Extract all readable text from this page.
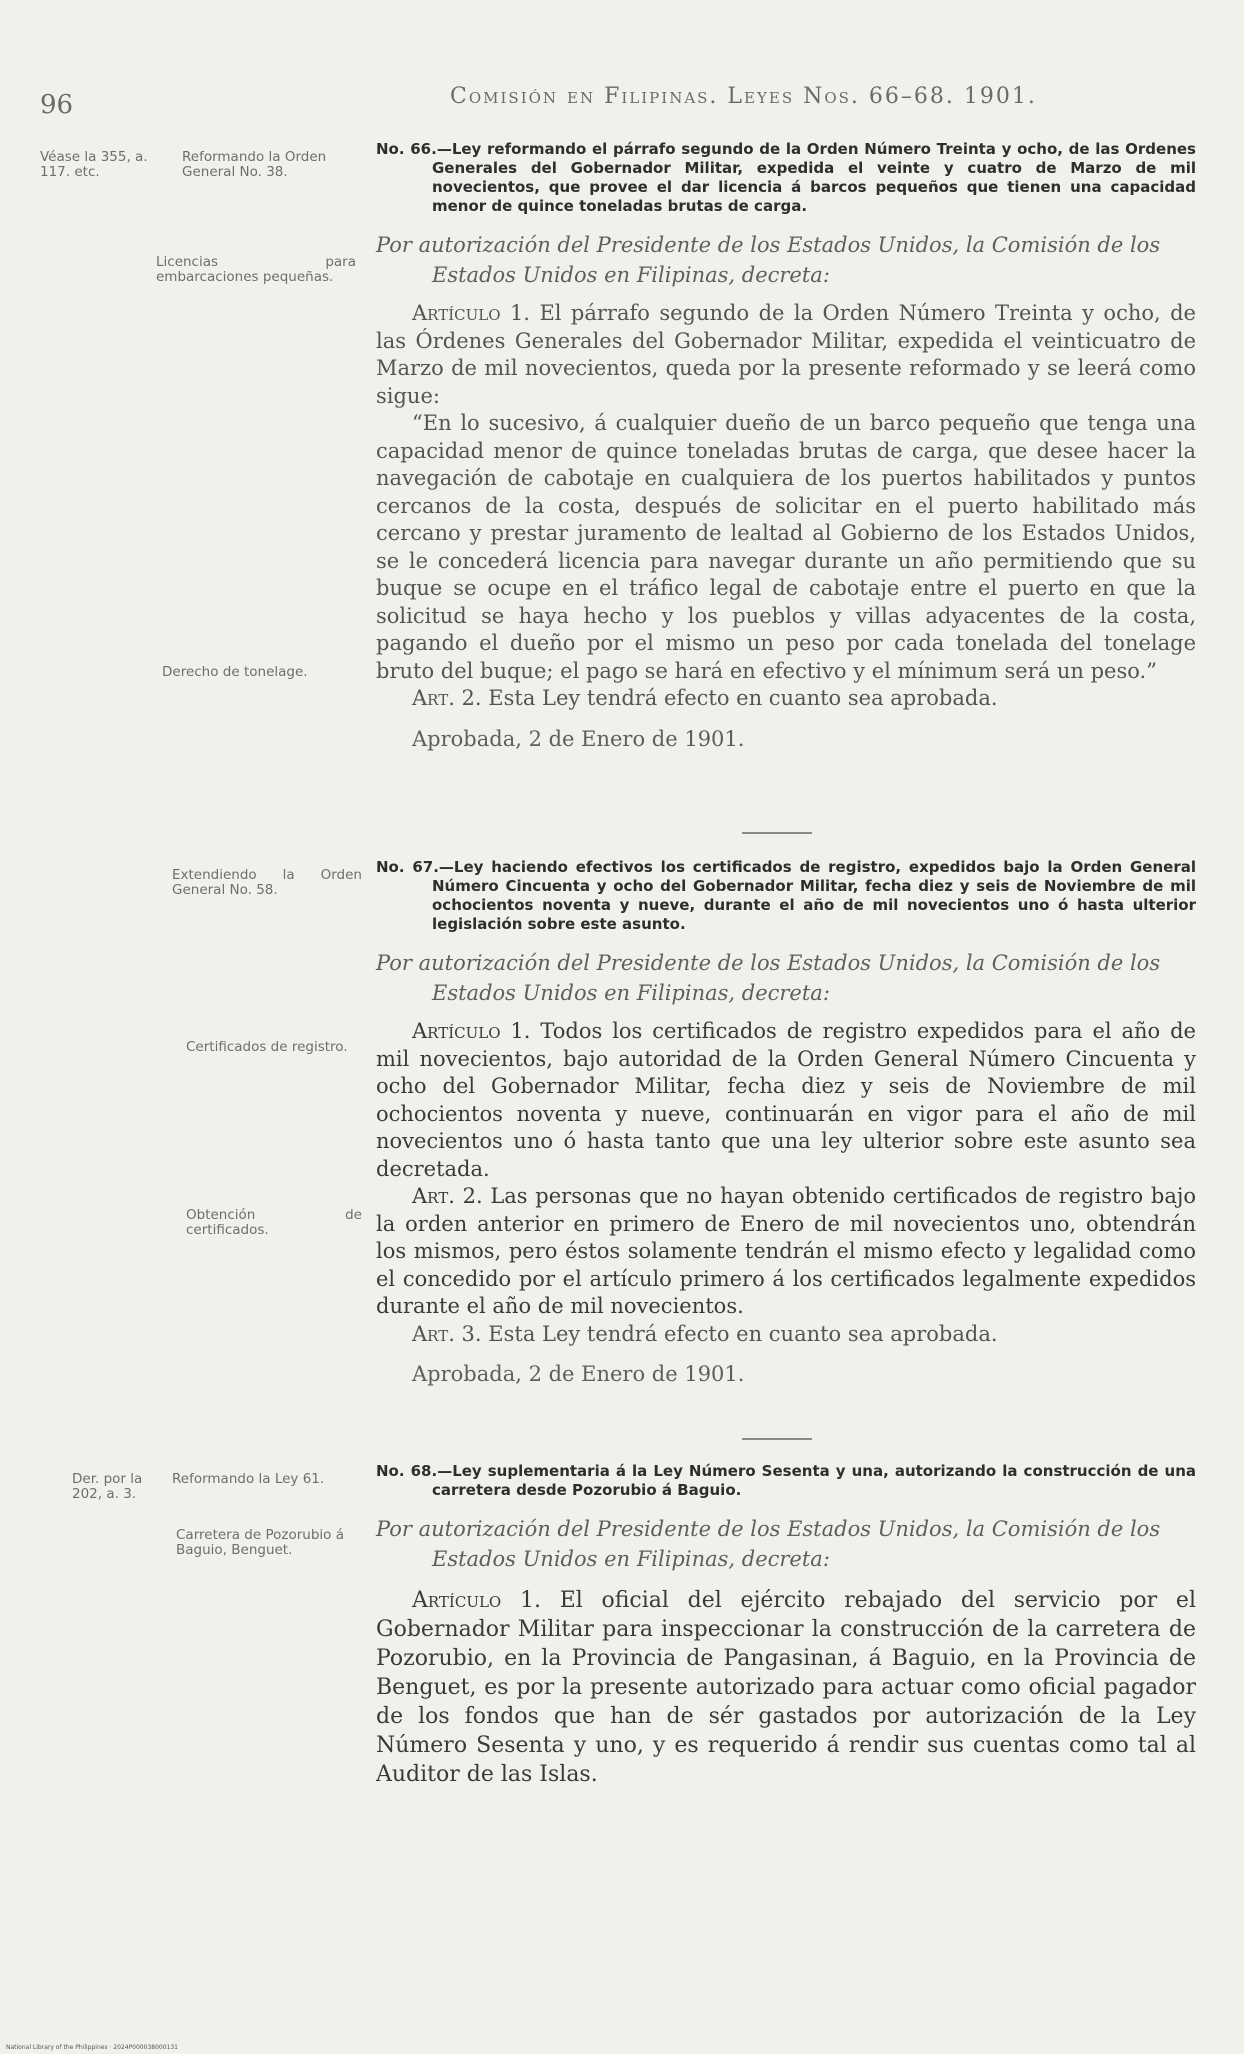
96	Comisión en Filipinas. Leyes Nos. 66–68. 1901.
Véase la 355, a. 117. etc.
Reformando la Orden General No. 38.
Licencias para embarcaciones pequeñas.
Derecho de tonelage.
Extendiendo la Orden General No. 58.
Certificados de registro.
Obtención de certificados.
Der. por la 202, a. 3.
Reformando la Ley 61.
Carretera de Pozorubio á Baguio, Benguet.
No. 66.—Ley reformando el párrafo segundo de la Orden Número Treinta y ocho, de las Ordenes Generales del Gobernador Militar, expedida el veinte y cuatro de Marzo de mil novecientos, que provee el dar licencia á barcos pequeños que tienen una capacidad menor de quince toneladas brutas de carga.
Por autorización del Presidente de los Estados Unidos, la Comisión de los Estados Unidos en Filipinas, decreta:

Artículo 1. El párrafo segundo de la Orden Número Treinta y ocho, de las Órdenes Generales del Gobernador Militar, expedida el veinticuatro de Marzo de mil novecientos, queda por la presente reformado y se leerá como sigue:

“En lo sucesivo, á cualquier dueño de un barco pequeño que tenga una capacidad menor de quince toneladas brutas de carga, que desee hacer la navegación de cabotaje en cualquiera de los puertos habilitados y puntos cercanos de la costa, después de solicitar en el puerto habilitado más cercano y prestar juramento de lealtad al Gobierno de los Estados Unidos, se le concederá licencia para navegar durante un año permitiendo que su buque se ocupe en el tráfico legal de cabotaje entre el puerto en que la solicitud se haya hecho y los pueblos y villas adyacentes de la costa, pagando el dueño por el mismo un peso por cada tonelada del tonelage bruto del buque; el pago se hará en efectivo y el mínimum será un peso.”

Art. 2. Esta Ley tendrá efecto en cuanto sea aprobada.

Aprobada, 2 de Enero de 1901.
No. 67.—Ley haciendo efectivos los certificados de registro, expedidos bajo la Orden General Número Cincuenta y ocho del Gobernador Militar, fecha diez y seis de Noviembre de mil ochocientos noventa y nueve, durante el año de mil novecientos uno ó hasta ulterior legislación sobre este asunto.
Por autorización del Presidente de los Estados Unidos, la Comisión de los Estados Unidos en Filipinas, decreta:

Artículo 1. Todos los certificados de registro expedidos para el año de mil novecientos, bajo autoridad de la Orden General Número Cincuenta y ocho del Gobernador Militar, fecha diez y seis de Noviembre de mil ochocientos noventa y nueve, continuarán en vigor para el año de mil novecientos uno ó hasta tanto que una ley ulterior sobre este asunto sea decretada.

Art. 2. Las personas que no hayan obtenido certificados de registro bajo la orden anterior en primero de Enero de mil novecientos uno, obtendrán los mismos, pero éstos solamente tendrán el mismo efecto y legalidad como el concedido por el artículo primero á los certificados legalmente expedidos durante el año de mil novecientos.

Art. 3. Esta Ley tendrá efecto en cuanto sea aprobada.

Aprobada, 2 de Enero de 1901.
No. 68.—Ley suplementaria á la Ley Número Sesenta y una, autorizando la construcción de una carretera desde Pozorubio á Baguio.
Por autorización del Presidente de los Estados Unidos, la Comisión de los Estados Unidos en Filipinas, decreta:

Artículo 1. El oficial del ejército rebajado del servicio por el Gobernador Militar para inspeccionar la construcción de la carretera de Pozorubio, en la Provincia de Pangasinan, á Baguio, en la Provincia de Benguet, es por la presente autorizado para actuar como oficial pagador de los fondos que han de sér gastados por autorización de la Ley Número Sesenta y uno, y es requerido á rendir sus cuentas como tal al Auditor de las Islas.

National Library of the Philippines · 2024P000038000131
